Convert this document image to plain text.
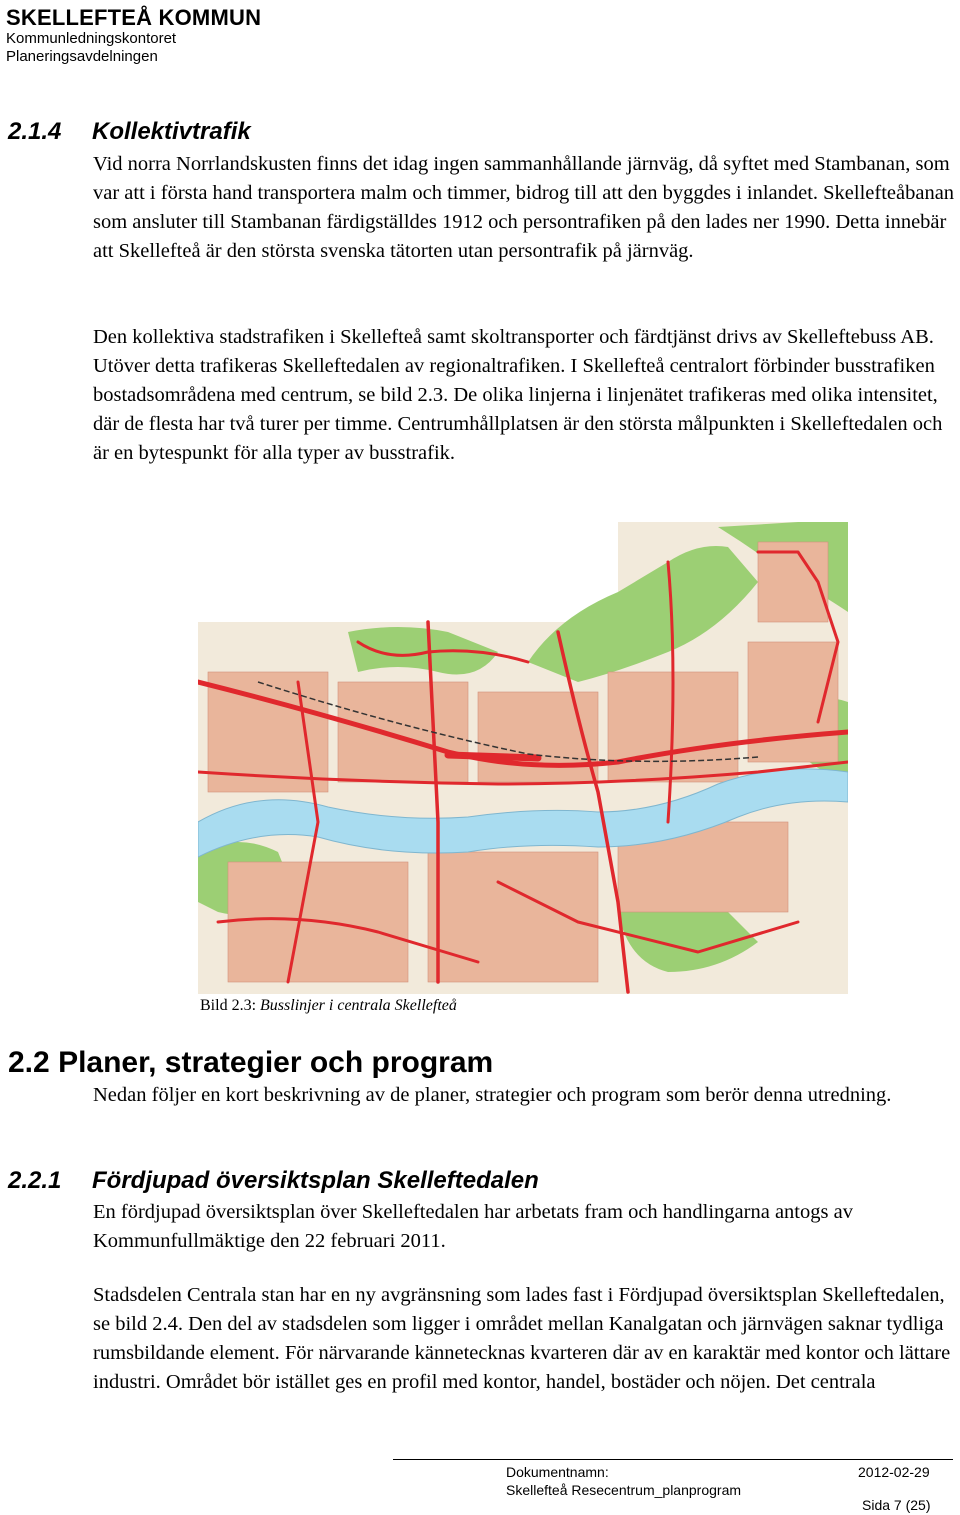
SKELLEFTEÅ KOMMUN
Kommunledningskontoret
Planeringsavdelningen
2.1.4 Kollektivtrafik

Vid norra Norrlandskusten finns det idag ingen sammanhållande järnväg, då syftet med Stambanan, som var att i första hand transportera malm och timmer, bidrog till att den byggdes i inlandet. Skellefteåbanan som ansluter till Stambanan färdigställdes 1912 och persontrafiken på den lades ner 1990. Detta innebär att Skellefteå är den största svenska tätorten utan persontrafik på järnväg.

Den kollektiva stadstrafiken i Skellefteå samt skoltransporter och färdtjänst drivs av Skelleftebuss AB. Utöver detta trafikeras Skelleftedalen av regionaltrafiken. I Skellefteå centralort förbinder busstrafiken bostadsområdena med centrum, se bild 2.3. De olika linjerna i linjenätet trafikeras med olika intensitet, där de flesta har två turer per timme. Centrumhållplatsen är den största målpunkten i Skelleftedalen och är en bytespunkt för alla typer av busstrafik.

Bild 2.3: Busslinjer i centrala Skellefteå
2.2 Planer, strategier och program

Nedan följer en kort beskrivning av de planer, strategier och program som berör denna utredning.

2.2.1 Fördjupad översiktsplan Skelleftedalen

En fördjupad översiktsplan över Skelleftedalen har arbetats fram och handlingarna antogs av Kommunfullmäktige den 22 februari 2011.

Stadsdelen Centrala stan har en ny avgränsning som lades fast i Fördjupad översiktsplan Skelleftedalen, se bild 2.4. Den del av stadsdelen som ligger i området mellan Kanalgatan och järnvägen saknar tydliga rumsbildande element. För närvarande kännetecknas kvarteren där av en karaktär med kontor och lättare industri. Området bör istället ges en profil med kontor, handel, bostäder och nöjen. Det centrala

Dokumentnamn:
Skellefteå Resecentrum_planprogram
2012-02-29
Sida 7 (25)
